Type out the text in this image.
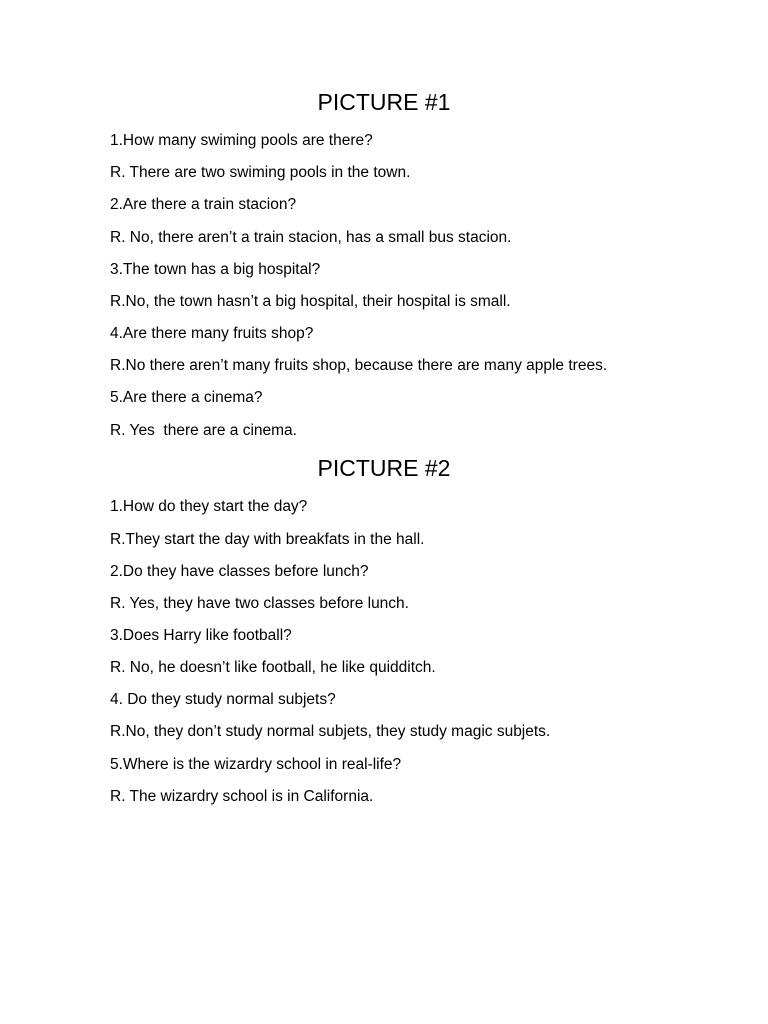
PICTURE #1

1.How many swiming pools are there?

R. There are two swiming pools in the town.

2.Are there a train stacion?

R. No, there aren’t a train stacion, has a small bus stacion.

3.The town has a big hospital?

R.No, the town hasn’t a big hospital, their hospital is small.

4.Are there many fruits shop?

R.No there aren’t many fruits shop, because there are many apple trees.

5.Are there a cinema?

R. Yes  there are a cinema.

PICTURE #2

1.How do they start the day?

R.They start the day with breakfats in the hall.

2.Do they have classes before lunch?

R. Yes, they have two classes before lunch.

3.Does Harry like football?

R. No, he doesn’t like football, he like quidditch.

4. Do they study normal subjets?

R.No, they don’t study normal subjets, they study magic subjets.

5.Where is the wizardry school in real-life?

R. The wizardry school is in California.
